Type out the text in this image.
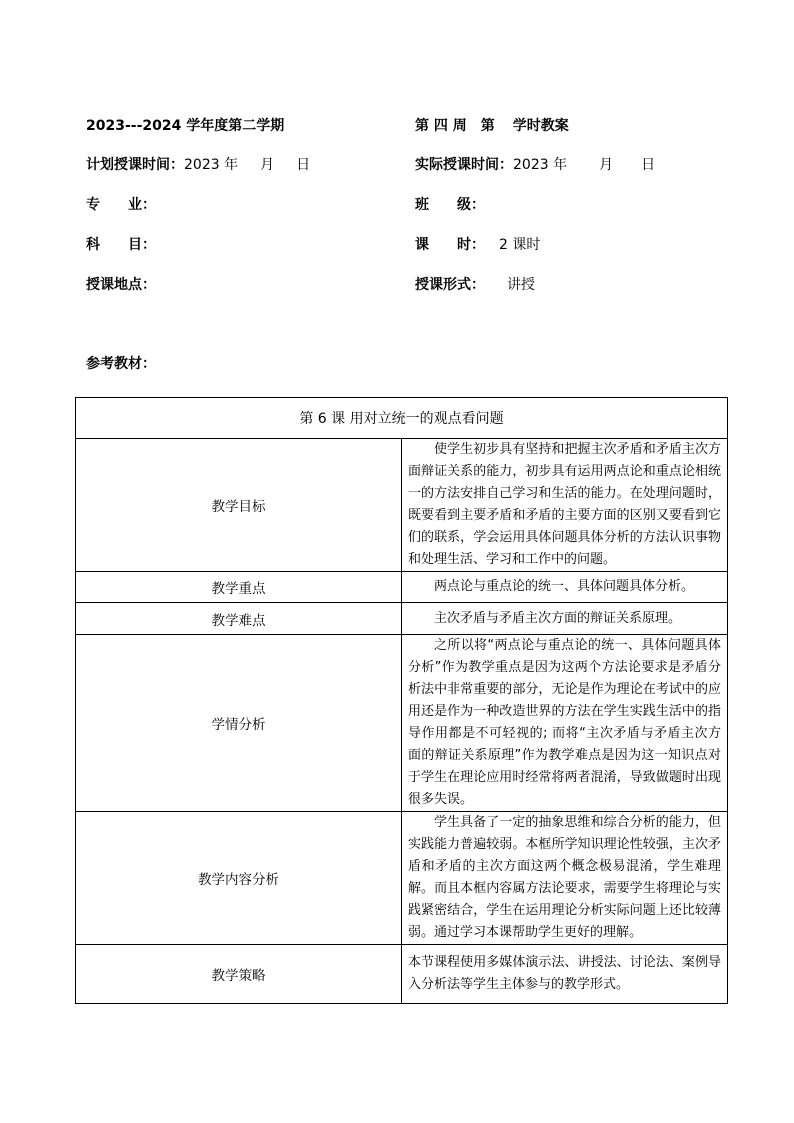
2023---2024 学年度第二学期	第 四 周 第 学时教案
计划授课时间：2023 年 月 日	实际授课时间：2023 年 月 日
专　　业：	班　　级：
科　　目：	课　　时： 2 课时
授课地点：	授课形式： 讲授
参考教材：
第 6 课 用对立统一的观点看问题	
教学目标	使学生初步具有坚持和把握主次矛盾和矛盾主次方面辩证关系的能力，初步具有运用两点论和重点论相统一的方法安排自己学习和生活的能力。在处理问题时，既要看到主要矛盾和矛盾的主要方面的区别又要看到它们的联系，学会运用具体问题具体分析的方法认识事物和处理生活、学习和工作中的问题。
教学重点	两点论与重点论的统一、具体问题具体分析。
教学难点	主次矛盾与矛盾主次方面的辩证关系原理。
学情分析	之所以将“两点论与重点论的统一、具体问题具体分析”作为教学重点是因为这两个方法论要求是矛盾分析法中非常重要的部分，无论是作为理论在考试中的应用还是作为一种改造世界的方法在学生实践生活中的指导作用都是不可轻视的; 而将“主次矛盾与矛盾主次方面的辩证关系原理”作为教学难点是因为这一知识点对于学生在理论应用时经常将两者混淆，导致做题时出现很多失误。
教学内容分析	学生具备了一定的抽象思维和综合分析的能力，但实践能力普遍较弱。本框所学知识理论性较强，主次矛盾和矛盾的主次方面这两个概念极易混淆，学生难理解。而且本框内容属方法论要求，需要学生将理论与实践紧密结合，学生在运用理论分析实际问题上还比较薄弱。通过学习本课帮助学生更好的理解。
教学策略	本节课程使用多媒体演示法、讲授法、讨论法、案例导入分析法等学生主体参与的教学形式。
